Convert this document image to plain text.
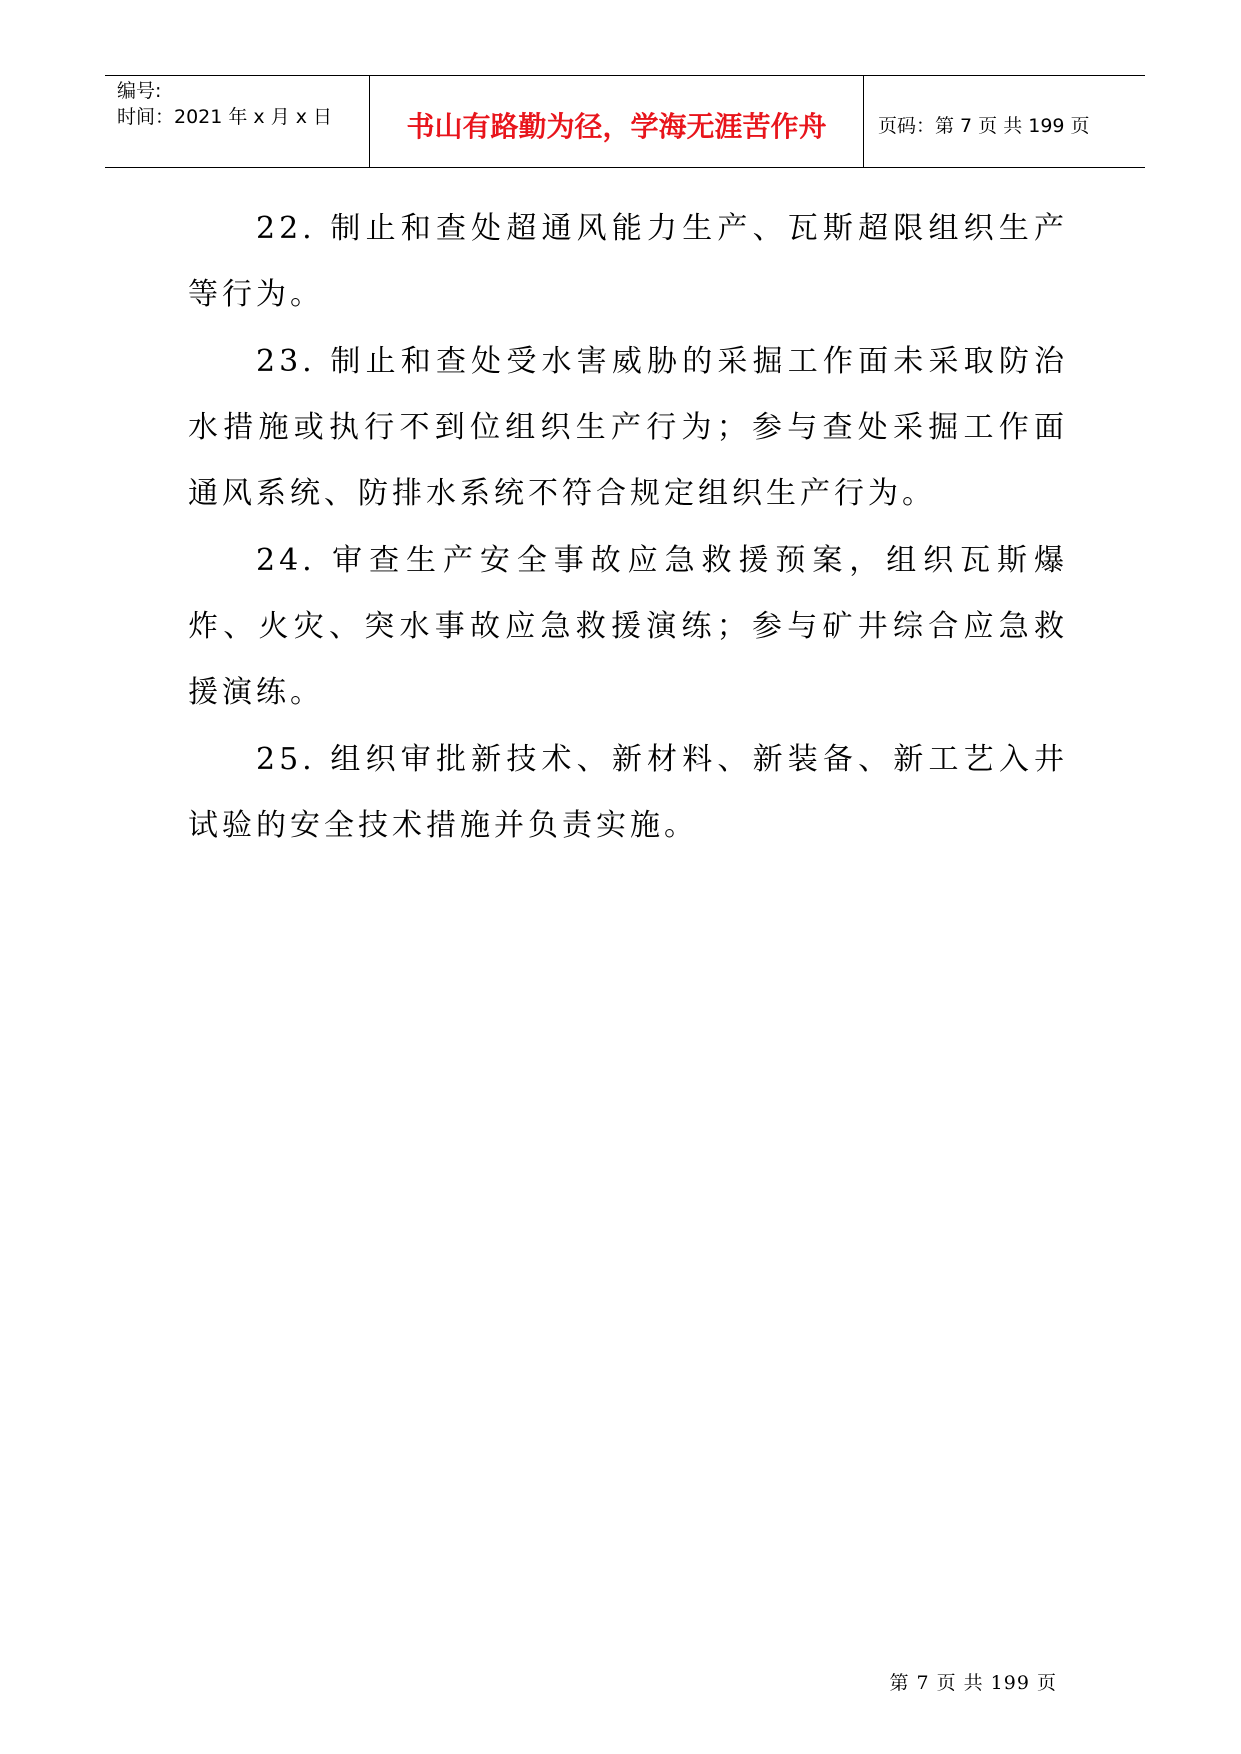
编号:
时间：2021 年 x 月 x 日	书山有路勤为径，学海无涯苦作舟	页码：第 7 页 共 199 页

22. 制止和查处超通风能力生产、瓦斯超限组织生产等行为。

23. 制止和查处受水害威胁的采掘工作面未采取防治水措施或执行不到位组织生产行为；参与查处采掘工作面通风系统、防排水系统不符合规定组织生产行为。

24. 审查生产安全事故应急救援预案，组织瓦斯爆炸、火灾、突水事故应急救援演练；参与矿井综合应急救援演练。

25. 组织审批新技术、新材料、新装备、新工艺入井试验的安全技术措施并负责实施。

第 7 页 共 199 页
